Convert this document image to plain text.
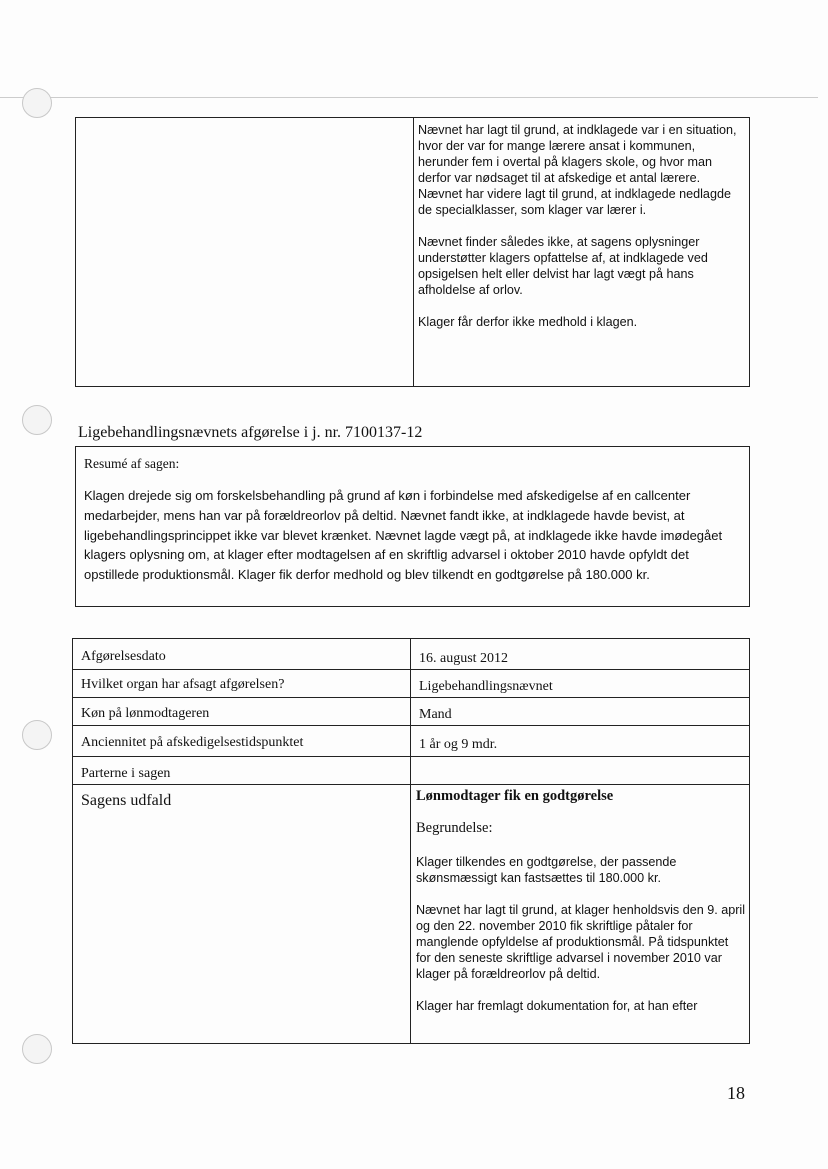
Nævnet har lagt til grund, at indklagede var i en situation, hvor der var for mange lærere ansat i kommunen, herunder fem i overtal på klagers skole, og hvor man derfor var nødsaget til at afskedige et antal lærere. Nævnet har videre lagt til grund, at indklagede nedlagde de specialklasser, som klager var lærer i.

Nævnet finder således ikke, at sagens oplysninger understøtter klagers opfattelse af, at indklagede ved opsigelsen helt eller delvist har lagt vægt på hans afholdelse af orlov.

Klager får derfor ikke medhold i klagen.

Ligebehandlingsnævnets afgørelse i j. nr. 7100137-12
Resumé af sagen:
Klagen drejede sig om forskelsbehandling på grund af køn i forbindelse med afskedigelse af en callcenter medarbejder, mens han var på forældreorlov på deltid. Nævnet fandt ikke, at indklagede havde bevist, at ligebehandlingsprincippet ikke var blevet krænket. Nævnet lagde vægt på, at indklagede ikke havde imødegået klagers oplysning om, at klager efter modtagelsen af en skriftlig advarsel i oktober 2010 havde opfyldt det opstillede produktionsmål. Klager fik derfor medhold og blev tilkendt en godtgørelse på 180.000 kr.
Afgørelsesdato	16. august 2012
Hvilket organ har afsagt afgørelsen?	Ligebehandlingsnævnet
Køn på lønmodtageren	Mand
Anciennitet på afskedigelsestidspunktet	1 år og 9 mdr.
Parterne i sagen
Sagens udfald	Lønmodtager fik en godtgørelse

Begrundelse:

Klager tilkendes en godtgørelse, der passende skønsmæssigt kan fastsættes til 180.000 kr.

Nævnet har lagt til grund, at klager henholdsvis den 9. april og den 22. november 2010 fik skriftlige påtaler for manglende opfyldelse af produktionsmål. På tidspunktet for den seneste skriftlige advarsel i november 2010 var klager på forældreorlov på deltid.

Klager har fremlagt dokumentation for, at han efter

18
